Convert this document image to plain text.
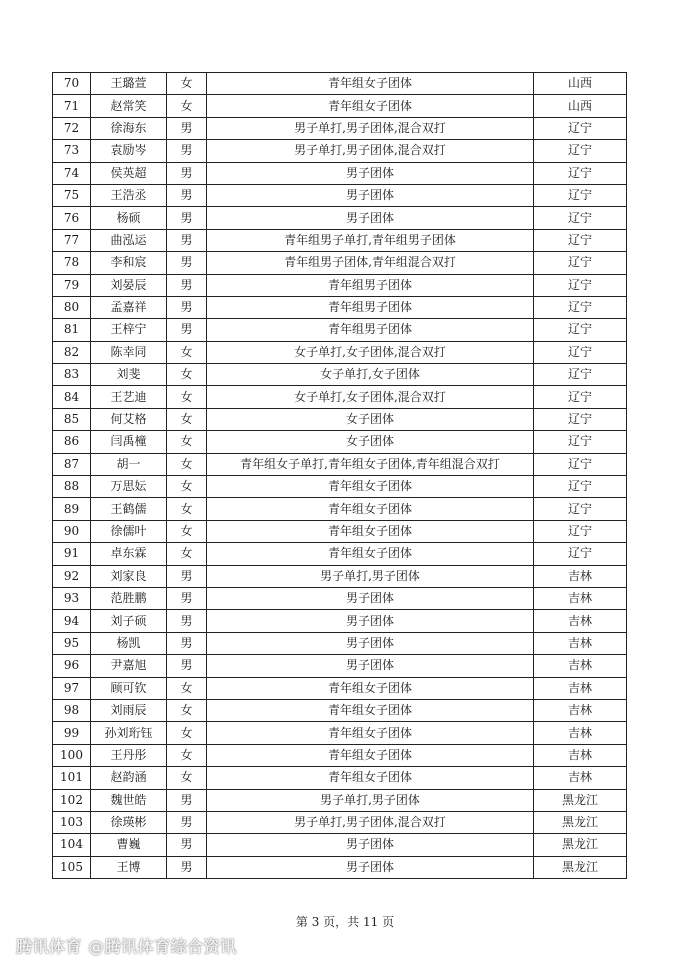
70	王璐萱	女	青年组女子团体	山西
71	赵常笑	女	青年组女子团体	山西
72	徐海东	男	男子单打,男子团体,混合双打	辽宁
73	袁励岑	男	男子单打,男子团体,混合双打	辽宁
74	侯英超	男	男子团体	辽宁
75	王浩丞	男	男子团体	辽宁
76	杨硕	男	男子团体	辽宁
77	曲泓运	男	青年组男子单打,青年组男子团体	辽宁
78	李和宸	男	青年组男子团体,青年组混合双打	辽宁
79	刘晏辰	男	青年组男子团体	辽宁
80	孟嘉祥	男	青年组男子团体	辽宁
81	王梓宁	男	青年组男子团体	辽宁
82	陈幸同	女	女子单打,女子团体,混合双打	辽宁
83	刘斐	女	女子单打,女子团体	辽宁
84	王艺迪	女	女子单打,女子团体,混合双打	辽宁
85	何艾格	女	女子团体	辽宁
86	闫禹橦	女	女子团体	辽宁
87	胡一	女	青年组女子单打,青年组女子团体,青年组混合双打	辽宁
88	万思妘	女	青年组女子团体	辽宁
89	王鹤儒	女	青年组女子团体	辽宁
90	徐儒叶	女	青年组女子团体	辽宁
91	卓东霖	女	青年组女子团体	辽宁
92	刘家良	男	男子单打,男子团体	吉林
93	范胜鹏	男	男子团体	吉林
94	刘子硕	男	男子团体	吉林
95	杨凯	男	男子团体	吉林
96	尹嘉旭	男	男子团体	吉林
97	顾可钦	女	青年组女子团体	吉林
98	刘雨辰	女	青年组女子团体	吉林
99	孙刘珩钰	女	青年组女子团体	吉林
100	王丹彤	女	青年组女子团体	吉林
101	赵韵涵	女	青年组女子团体	吉林
102	魏世皓	男	男子单打,男子团体	黑龙江
103	徐瑛彬	男	男子单打,男子团体,混合双打	黑龙江
104	曹巍	男	男子团体	黑龙江
105	王博	男	男子团体	黑龙江
第 3 页，共 11 页
腾讯体育 @腾讯体育综合资讯
